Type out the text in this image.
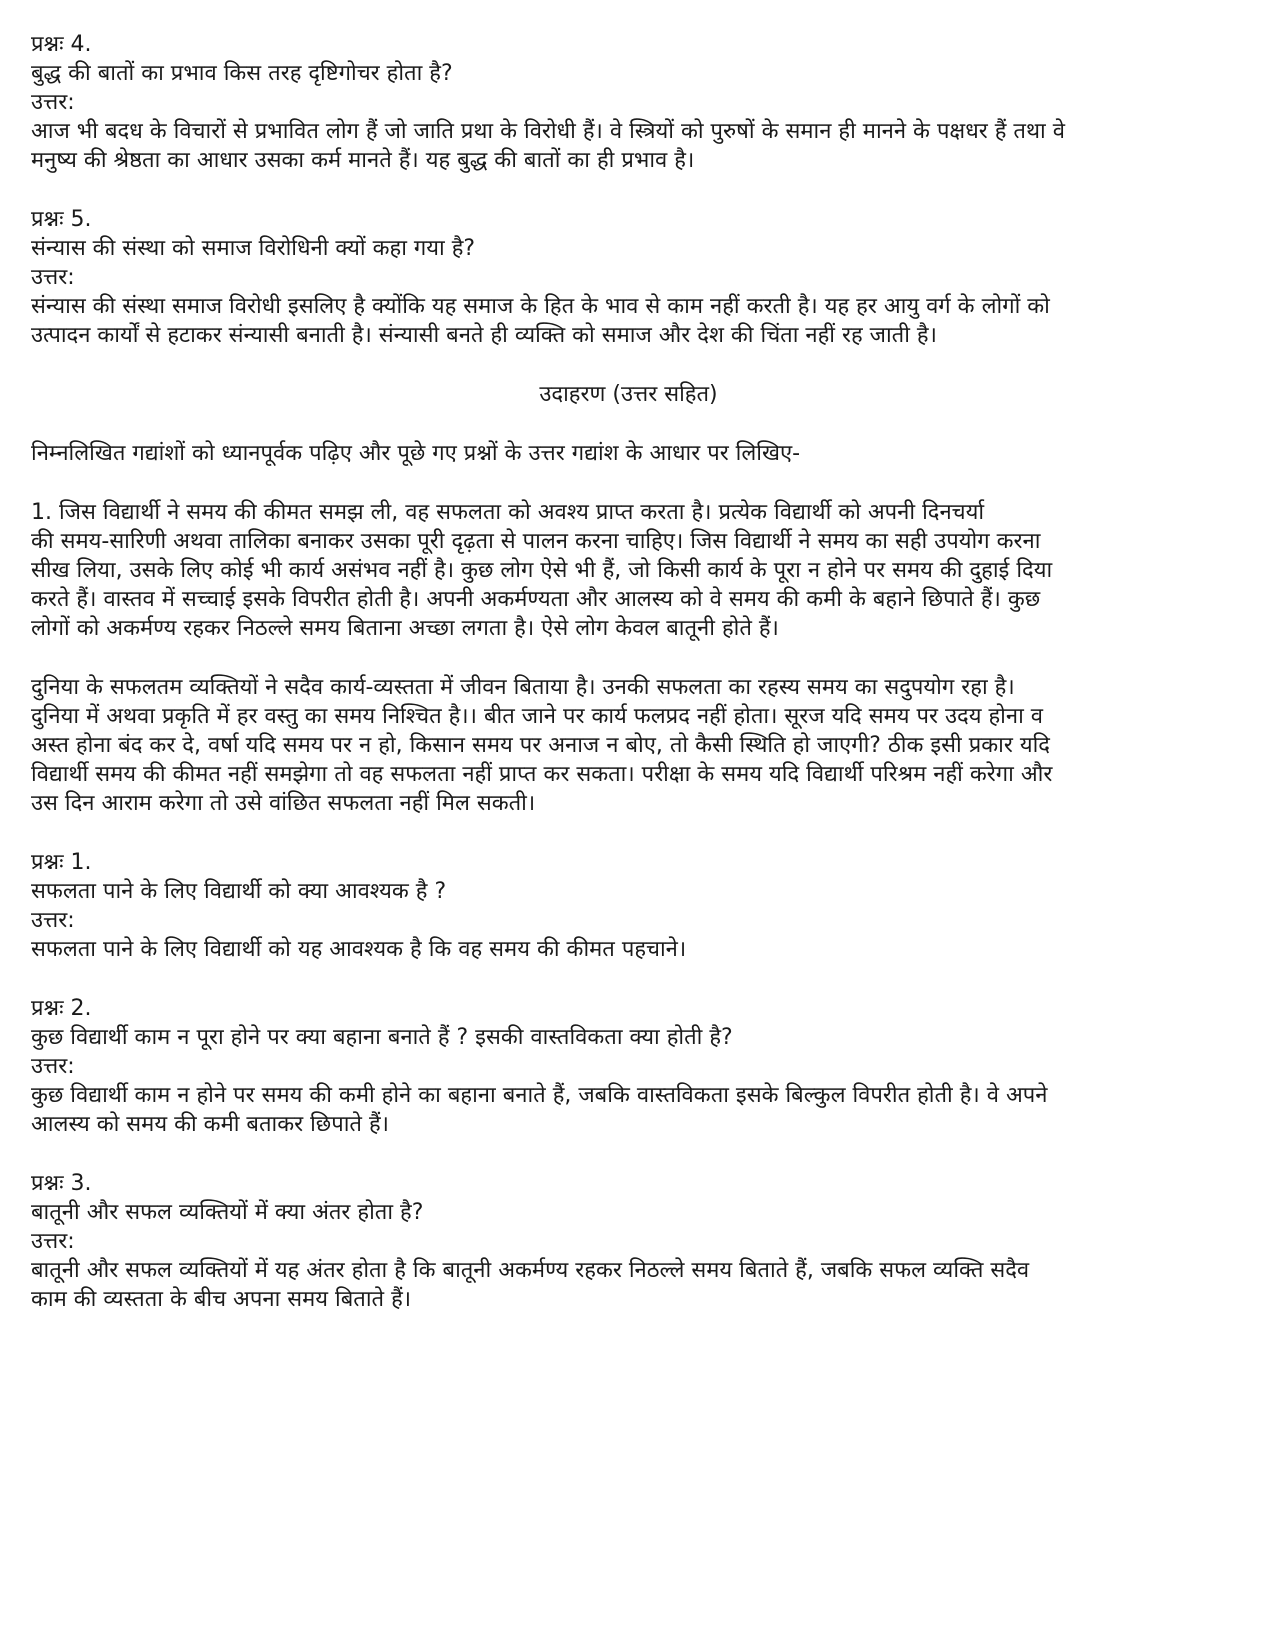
प्रश्नः 4.
बुद्ध की बातों का प्रभाव किस तरह दृष्टिगोचर होता है?
उत्तर:
आज भी बदध के विचारों से प्रभावित लोग हैं जो जाति प्रथा के विरोधी हैं। वे स्त्रियों को पुरुषों के समान ही मानने के पक्षधर हैं तथा वे
मनुष्य की श्रेष्ठता का आधार उसका कर्म मानते हैं। यह बुद्ध की बातों का ही प्रभाव है।
प्रश्नः 5.
संन्यास की संस्था को समाज विरोधिनी क्यों कहा गया है?
उत्तर:
संन्यास की संस्था समाज विरोधी इसलिए है क्योंकि यह समाज के हित के भाव से काम नहीं करती है। यह हर आयु वर्ग के लोगों को
उत्पादन कार्यों से हटाकर संन्यासी बनाती है। संन्यासी बनते ही व्यक्ति को समाज और देश की चिंता नहीं रह जाती है।
उदाहरण (उत्तर सहित)
निम्नलिखित गद्यांशों को ध्यानपूर्वक पढ़िए और पूछे गए प्रश्नों के उत्तर गद्यांश के आधार पर लिखिए-
1. जिस विद्यार्थी ने समय की कीमत समझ ली, वह सफलता को अवश्य प्राप्त करता है। प्रत्येक विद्यार्थी को अपनी दिनचर्या
की समय-सारिणी अथवा तालिका बनाकर उसका पूरी दृढ़ता से पालन करना चाहिए। जिस विद्यार्थी ने समय का सही उपयोग करना
सीख लिया, उसके लिए कोई भी कार्य असंभव नहीं है। कुछ लोग ऐसे भी हैं, जो किसी कार्य के पूरा न होने पर समय की दुहाई दिया
करते हैं। वास्तव में सच्चाई इसके विपरीत होती है। अपनी अकर्मण्यता और आलस्य को वे समय की कमी के बहाने छिपाते हैं। कुछ
लोगों को अकर्मण्य रहकर निठल्ले समय बिताना अच्छा लगता है। ऐसे लोग केवल बातूनी होते हैं।
दुनिया के सफलतम व्यक्तियों ने सदैव कार्य-व्यस्तता में जीवन बिताया है। उनकी सफलता का रहस्य समय का सदुपयोग रहा है।
दुनिया में अथवा प्रकृति में हर वस्तु का समय निश्चित है।। बीत जाने पर कार्य फलप्रद नहीं होता। सूरज यदि समय पर उदय होना व
अस्त होना बंद कर दे, वर्षा यदि समय पर न हो, किसान समय पर अनाज न बोए, तो कैसी स्थिति हो जाएगी? ठीक इसी प्रकार यदि
विद्यार्थी समय की कीमत नहीं समझेगा तो वह सफलता नहीं प्राप्त कर सकता। परीक्षा के समय यदि विद्यार्थी परिश्रम नहीं करेगा और
उस दिन आराम करेगा तो उसे वांछित सफलता नहीं मिल सकती।
प्रश्नः 1.
सफलता पाने के लिए विद्यार्थी को क्या आवश्यक है ?
उत्तर:
सफलता पाने के लिए विद्यार्थी को यह आवश्यक है कि वह समय की कीमत पहचाने।
प्रश्नः 2.
कुछ विद्यार्थी काम न पूरा होने पर क्या बहाना बनाते हैं ? इसकी वास्तविकता क्या होती है?
उत्तर:
कुछ विद्यार्थी काम न होने पर समय की कमी होने का बहाना बनाते हैं, जबकि वास्तविकता इसके बिल्कुल विपरीत होती है। वे अपने
आलस्य को समय की कमी बताकर छिपाते हैं।
प्रश्नः 3.
बातूनी और सफल व्यक्तियों में क्या अंतर होता है?
उत्तर:
बातूनी और सफल व्यक्तियों में यह अंतर होता है कि बातूनी अकर्मण्य रहकर निठल्ले समय बिताते हैं, जबकि सफल व्यक्ति सदैव
काम की व्यस्तता के बीच अपना समय बिताते हैं।
